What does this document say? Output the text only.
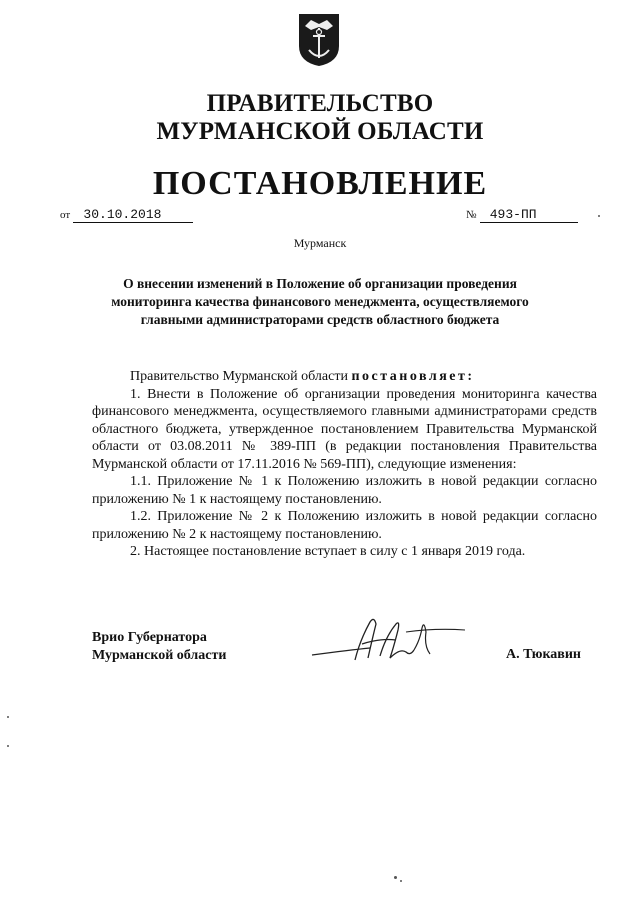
ПРАВИТЕЛЬСТВО
МУРМАНСКОЙ ОБЛАСТИ
ПОСТАНОВЛЕНИЕ
от 30.10.2018	№ 493-ПП
Мурманск
О внесении изменений в Положение об организации проведения
мониторинга качества финансового менеджмента, осуществляемого
главными администраторами средств областного бюджета

Правительство Мурманской области постановляет:

1. Внести в Положение об организации проведения мониторинга качества финансового менеджмента, осуществляемого главными администраторами средств областного бюджета, утвержденное постановлением Правительства Мурманской области от 03.08.2011 № 389-ПП (в редакции постановления Правительства Мурманской области от 17.11.2016 № 569-ПП), следующие изменения:

1.1. Приложение № 1 к Положению изложить в новой редакции согласно приложению № 1 к настоящему постановлению.

1.2. Приложение № 2 к Положению изложить в новой редакции согласно приложению № 2 к настоящему постановлению.

2. Настоящее постановление вступает в силу с 1 января 2019 года.

Врио Губернатора
Мурманской области	А. Тюкавин
